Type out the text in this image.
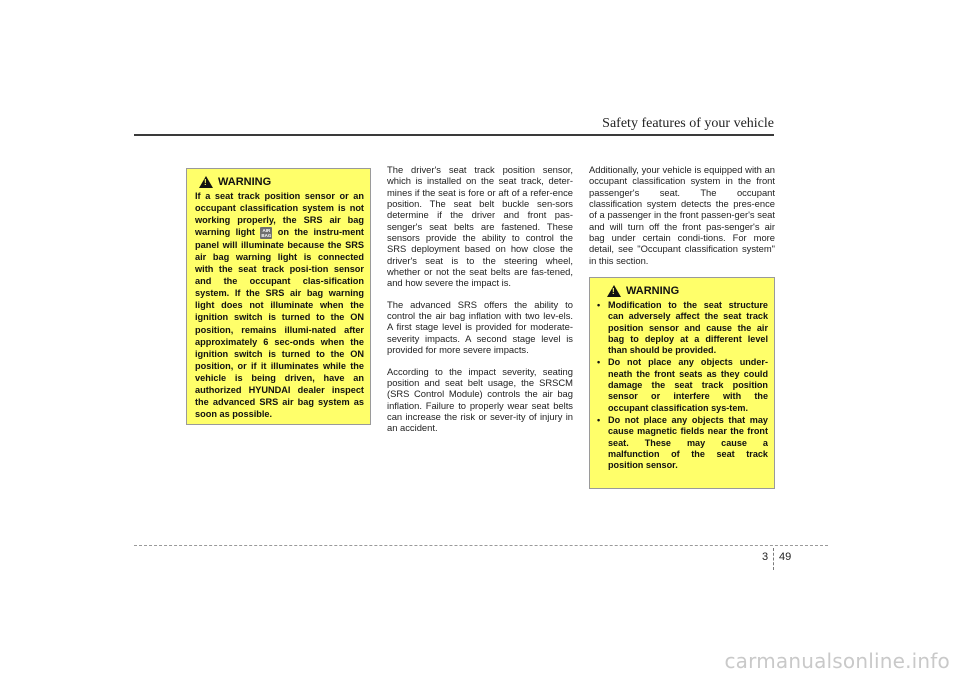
Safety features of your vehicle
!
WARNING
If a seat track position sensor or an occupant classification system is not working properly, the SRS air bag warning light AIR BAG on the instru-ment panel will illuminate because the SRS air bag warning light is connected with the seat track posi-tion sensor and the occupant clas-sification system. If the SRS air bag warning light does not illuminate when the ignition switch is turned to the ON position, remains illumi-nated after approximately 6 sec-onds when the ignition switch is turned to the ON position, or if it illuminates while the vehicle is being driven, have an authorized HYUNDAI dealer inspect the advanced SRS air bag system as soon as possible.

The driver's seat track position sensor, which is installed on the seat track, deter-mines if the seat is fore or aft of a refer-ence position. The seat belt buckle sen-sors determine if the driver and front pas-senger's seat belts are fastened. These sensors provide the ability to control the SRS deployment based on how close the driver's seat is to the steering wheel, whether or not the seat belts are fas-tened, and how severe the impact is.

The advanced SRS offers the ability to control the air bag inflation with two lev-els. A first stage level is provided for moderate-severity impacts. A second stage level is provided for more severe impacts.

According to the impact severity, seating position and seat belt usage, the SRSCM (SRS Control Module) controls the air bag inflation. Failure to properly wear seat belts can increase the risk or sever-ity of injury in an accident.

Additionally, your vehicle is equipped with an occupant classification system in the front passenger's seat. The occupant classification system detects the pres-ence of a passenger in the front passen-ger's seat and will turn off the front pas-senger's air bag under certain condi-tions. For more detail, see "Occupant classification system" in this section.

!
WARNING
• Modification to the seat structure can adversely affect the seat track position sensor and cause the air bag to deploy at a different level than should be provided.
• Do not place any objects under-neath the front seats as they could damage the seat track position sensor or interfere with the occupant classification sys-tem.
• Do not place any objects that may cause magnetic fields near the front seat. These may cause a malfunction of the seat track position sensor.
3 49
carmanualsonline.info
